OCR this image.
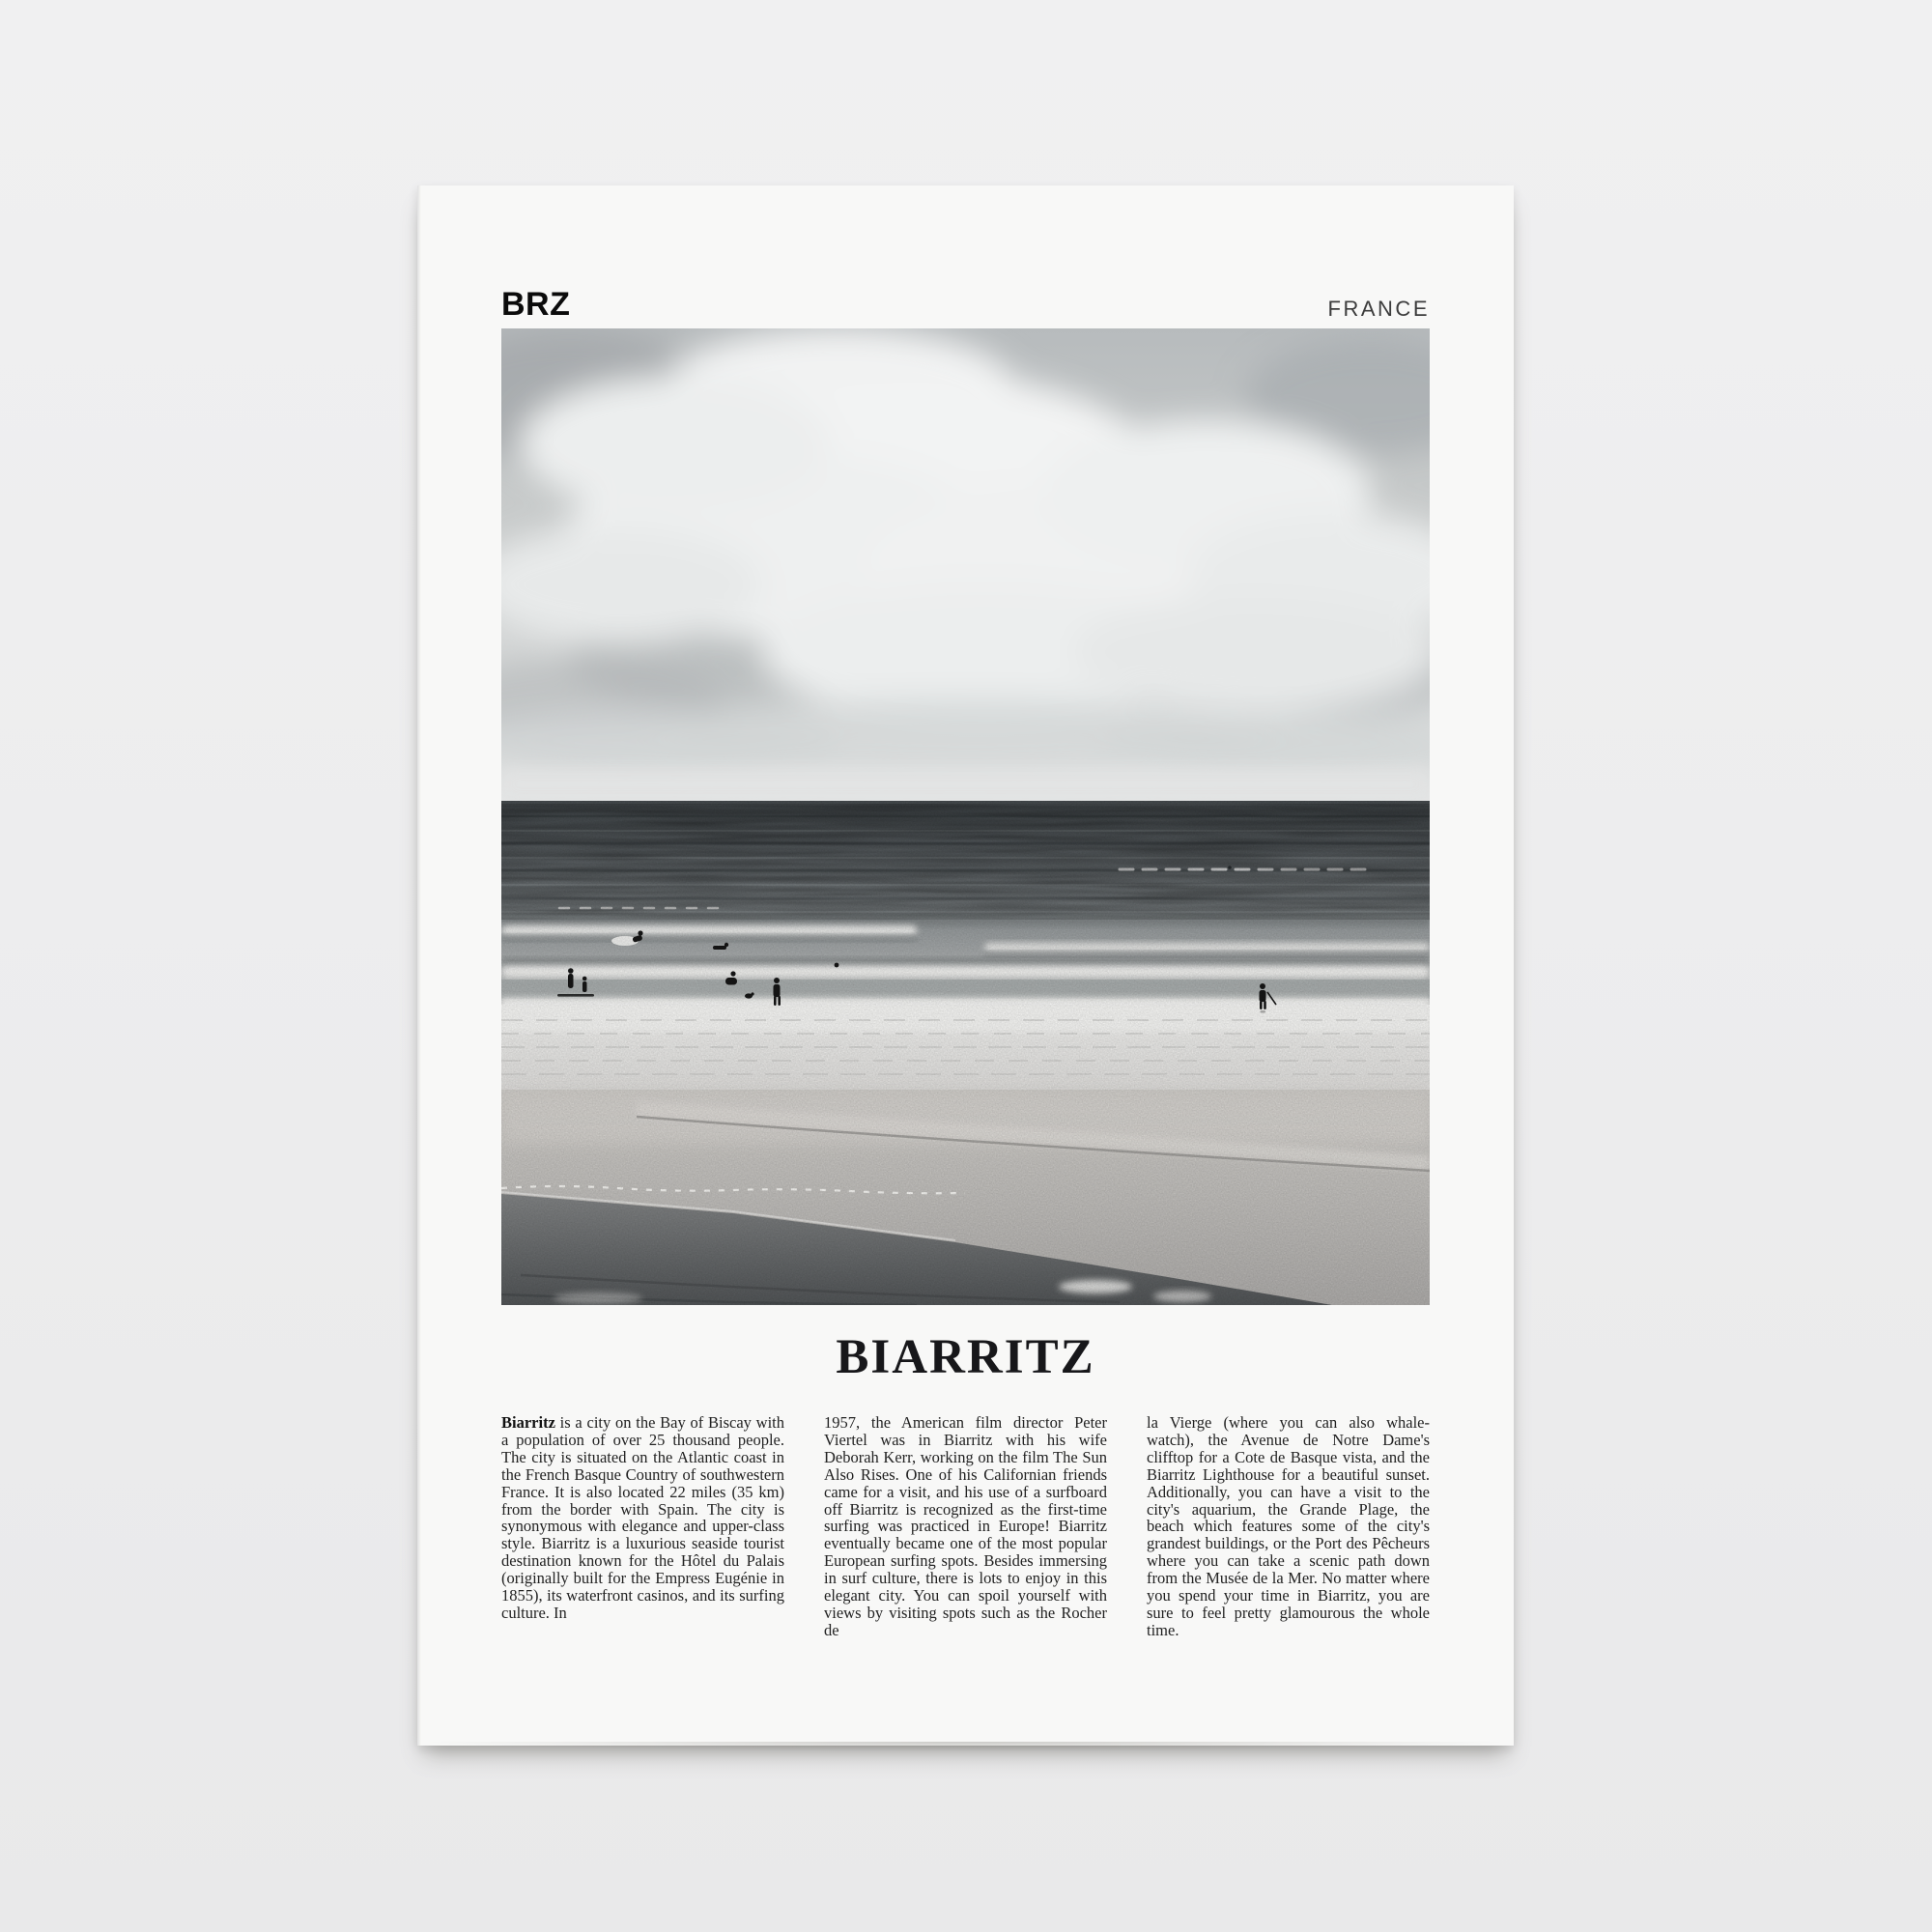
BRZ	FRANCE
BIARRITZ

Biarritz is a city on the Bay of Biscay with a population of over 25 thousand people. The city is situated on the Atlantic coast in the French Basque Country of southwestern France. It is also located 22 miles (35 km) from the border with Spain. The city is synonymous with elegance and upper-class style. Biarritz is a luxurious seaside tourist destination known for the Hôtel du Palais (originally built for the Empress Eugénie in 1855), its waterfront casinos, and its surfing culture. In

1957, the American film director Peter Viertel was in Biarritz with his wife Deborah Kerr, working on the film The Sun Also Rises. One of his Californian friends came for a visit, and his use of a surfboard off Biarritz is recognized as the first-time surfing was practiced in Europe! Biarritz eventually became one of the most popular European surfing spots. Besides immersing in surf culture, there is lots to enjoy in this elegant city. You can spoil yourself with views by visiting spots such as the Rocher de

la Vierge (where you can also whale-watch), the Avenue de Notre Dame's clifftop for a Cote de Basque vista, and the Biarritz Lighthouse for a beautiful sunset. Additionally, you can have a visit to the city's aquarium, the Grande Plage, the beach which features some of the city's grandest buildings, or the Port des Pêcheurs where you can take a scenic path down from the Musée de la Mer. No matter where you spend your time in Biarritz, you are sure to feel pretty glamourous the whole time.
